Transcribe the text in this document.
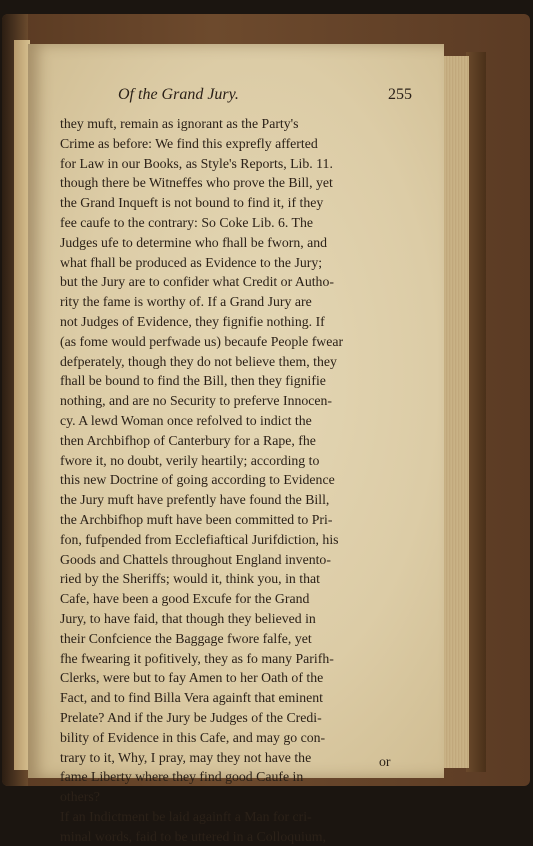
Of the Grand Jury.	255
they muft, remain as ignorant as the Party's
Crime as before: We find this exprefly afferted
for Law in our Books, as Style's Reports, Lib. 11.
though there be Witneffes who prove the Bill, yet
the Grand Inqueft is not bound to find it, if they
fee caufe to the contrary: So Coke Lib. 6. The
Judges ufe to determine who fhall be fworn, and
what fhall be produced as Evidence to the Jury;
but the Jury are to confider what Credit or Autho-
rity the fame is worthy of. If a Grand Jury are
not Judges of Evidence, they fignifie nothing. If
(as fome would perfwade us) becaufe People fwear
defperately, though they do not believe them, they
fhall be bound to find the Bill, then they fignifie
nothing, and are no Security to preferve Innocen-
cy. A lewd Woman once refolved to indict the
then Archbifhop of Canterbury for a Rape, fhe
fwore it, no doubt, verily heartily; according to
this new Doctrine of going according to Evidence
the Jury muft have prefently have found the Bill,
the Archbifhop muft have been committed to Pri-
fon, fufpended from Ecclefiaftical Jurifdiction, his
Goods and Chattels throughout England invento-
ried by the Sheriffs; would it, think you, in that
Cafe, have been a good Excufe for the Grand
Jury, to have faid, that though they believed in
their Confcience the Baggage fwore falfe, yet
fhe fwearing it pofitively, they as fo many Parifh-
Clerks, were but to fay Amen to her Oath of the
Fact, and to find Billa Vera againft that eminent
Prelate? And if the Jury be Judges of the Credi-
bility of Evidence in this Cafe, and may go con-
trary to it, Why, I pray, may they not have the
fame Liberty where they find good Caufe in
others?
If an Indictment be laid againft a Man for cri-
minal words, faid to be uttered in a Colloquium,
or
